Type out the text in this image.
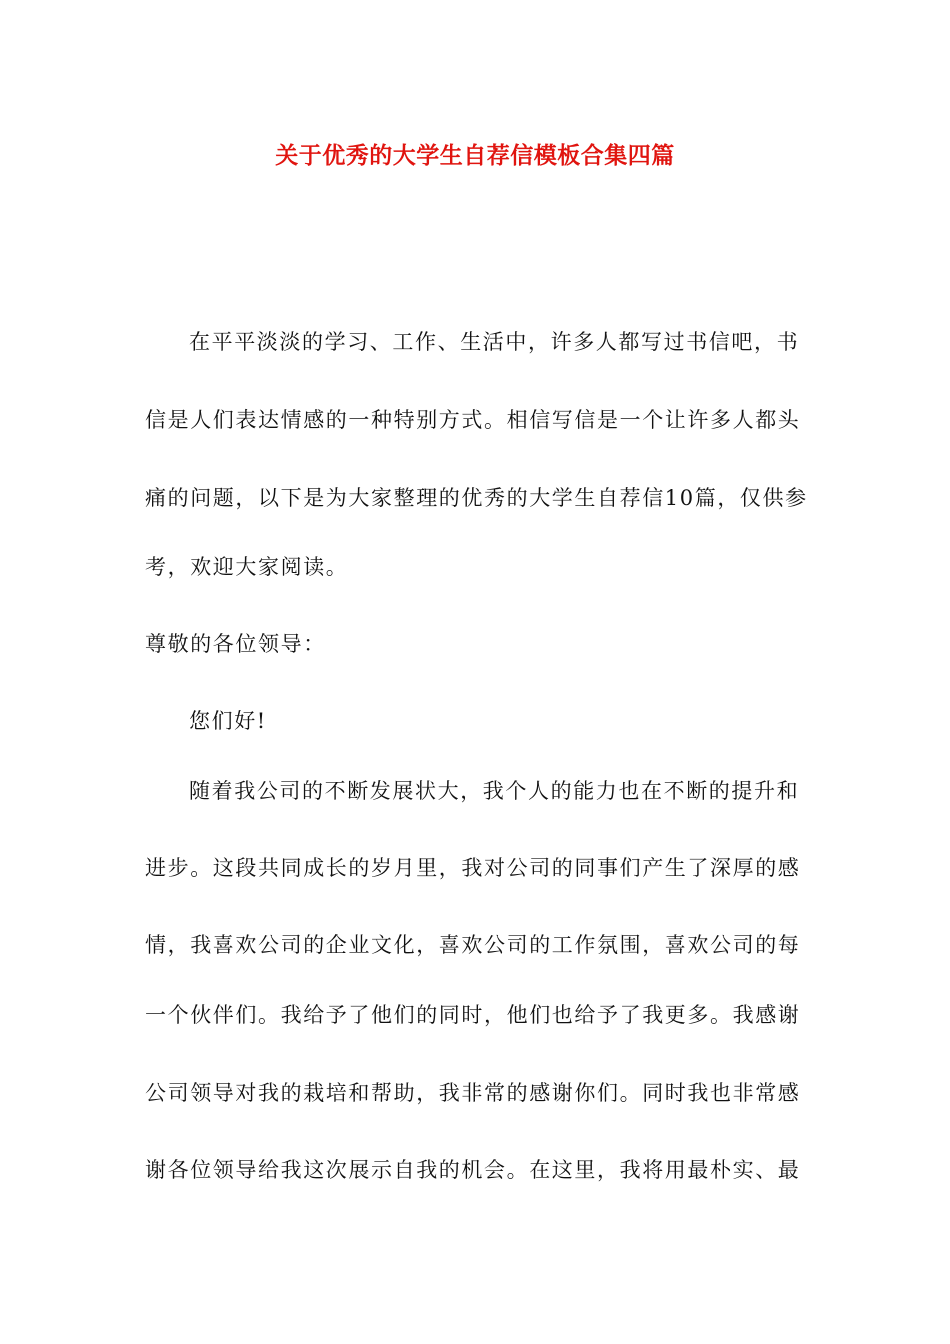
关于优秀的大学生自荐信模板合集四篇
在平平淡淡的学习、工作、生活中，许多人都写过书信吧，书
信是人们表达情感的一种特别方式。相信写信是一个让许多人都头
痛的问题，以下是为大家整理的优秀的大学生自荐信10篇，仅供参
考，欢迎大家阅读。
尊敬的各位领导：
您们好!
随着我公司的不断发展状大，我个人的能力也在不断的提升和
进步。这段共同成长的岁月里，我对公司的同事们产生了深厚的感
情，我喜欢公司的企业文化，喜欢公司的工作氛围，喜欢公司的每
一个伙伴们。我给予了他们的同时，他们也给予了我更多。我感谢
公司领导对我的栽培和帮助，我非常的感谢你们。同时我也非常感
谢各位领导给我这次展示自我的机会。在这里，我将用最朴实、最
